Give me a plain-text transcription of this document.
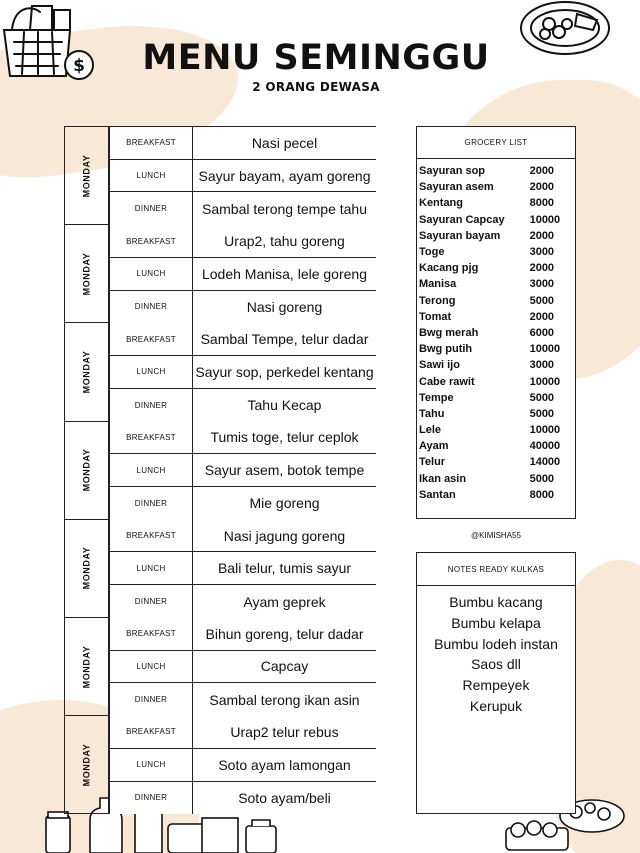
$	MENU SEMINGGU
2 ORANG DEWASA
MONDAY
BREAKFAST	Nasi pecel
LUNCH	Sayur bayam, ayam goreng
DINNER	Sambal terong tempe tahu
MONDAY
BREAKFAST	Urap2, tahu goreng
LUNCH	Lodeh Manisa, lele goreng
DINNER	Nasi goreng
MONDAY
BREAKFAST	Sambal Tempe, telur dadar
LUNCH	Sayur sop, perkedel kentang
DINNER	Tahu Kecap
MONDAY
BREAKFAST	Tumis toge, telur ceplok
LUNCH	Sayur asem, botok tempe
DINNER	Mie goreng
MONDAY
BREAKFAST	Nasi jagung goreng
LUNCH	Bali telur, tumis sayur
DINNER	Ayam geprek
MONDAY
BREAKFAST	Bihun goreng, telur dadar
LUNCH	Capcay
DINNER	Sambal terong ikan asin
MONDAY
BREAKFAST	Urap2 telur rebus
LUNCH	Soto ayam lamongan
DINNER	Soto ayam/beli
GROCERY LIST
Sayuran sop	2000
Sayuran asem	2000
Kentang	8000
Sayuran Capcay	10000
Sayuran bayam	2000
Toge	3000
Kacang pjg	2000
Manisa	3000
Terong	5000
Tomat	2000
Bwg merah	6000
Bwg putih	10000
Sawi ijo	3000
Cabe rawit	10000
Tempe	5000
Tahu	5000
Lele	10000
Ayam	40000
Telur	14000
Ikan asin	5000
Santan	8000
@KIMISHA55
NOTES READY KULKAS
Bumbu kacang
Bumbu kelapa
Bumbu lodeh instan
Saos dll
Rempeyek
Kerupuk
